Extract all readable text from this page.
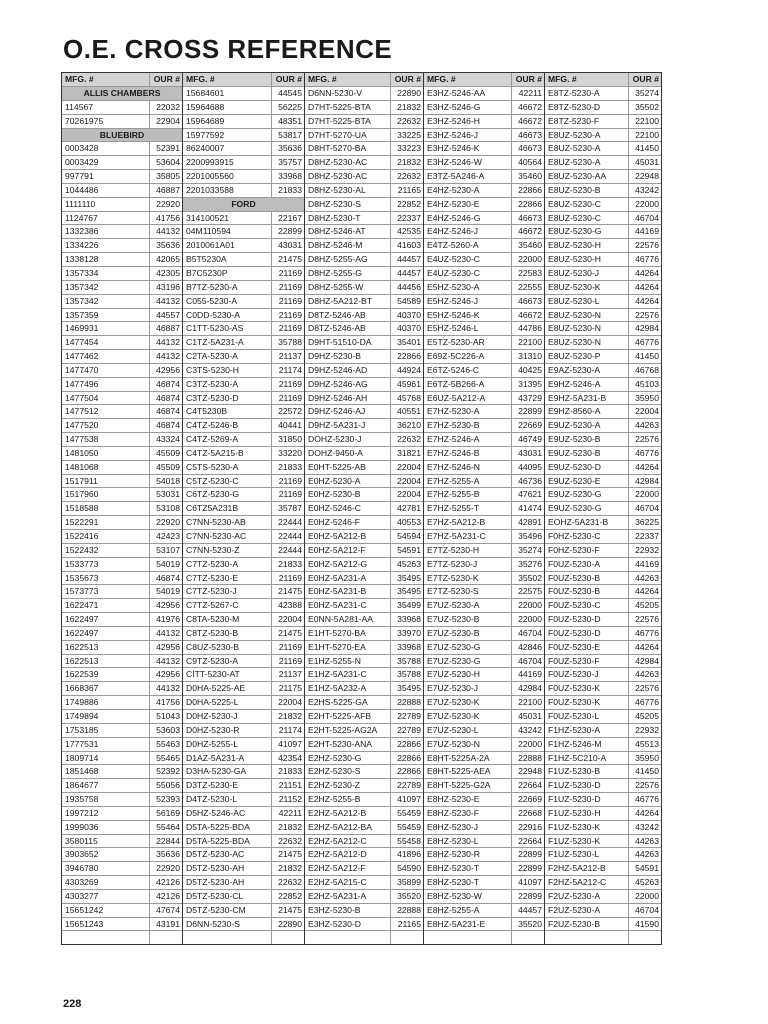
O.E. CROSS REFERENCE
MFG. #	OUR #
ALLIS CHAMBERS
114567	22032
70261975	22904
BLUEBIRD
0003428	52391
0003429	53604
997791	35805
1044486	46887
1111110	22920
1124767	41756
1332386	44132
1334226	35636
1338128	42065
1357334	42305
1357342	43196
1357342	44132
1357359	44557
1469931	46887
1477454	44132
1477462	44132
1477470	42956
1477496	46874
1477504	46874
1477512	46874
1477520	46874
1477538	43324
1481050	45509
1481068	45509
1517911	54018
1517960	53031
1518588	53108
1522291	22920
1522416	42423
1522432	53107
1533773	54019
1535673	46874
1573773	54019
1622471	42956
1622497	41976
1622497	44132
1622513	42956
1622513	44132
1622539	42956
1668367	44132
1749886	41756
1749894	51043
1753185	53603
1777531	55463
1809714	55465
1851468	52392
1864677	55056
1935758	52393
1997212	56169
1999036	55464
3580115	22844
3903652	35636
3946780	22920
4303269	42126
4303277	42126
15651242	47674
15651243	43191
MFG. #	OUR #
15684601	44545
15964688	56225
15964689	48351
15977592	53817
86240007	35636
2200993915	35757
2201005560	33968
2201033588	21833
FORD
314100521	22167
04M110594	22899
2010061A01	43031
B5T5230A	21475
B7C5230P	21169
B7TZ-5230-A	21169
C055-5230-A	21169
C0DD-5230-A	21169
C1TT-5230-AS	21169
C1TZ-5A231-A	35788
C2TA-5230-A	21137
C3TS-5230-H	21174
C3TZ-5230-A	21169
C3TZ-5230-D	21169
C4T5230B	22572
C4TZ-5246-B	40441
C4TZ-5269-A	31850
C4TZ-5A215-B	33220
C5TS-5230-A	21833
C5TZ-5230-C	21169
C6TZ-5230-G	21169
C6TZ5A231B	35787
C7NN-5230-AB	22444
C7NN-5230-AC	22444
C7NN-5230-Z	22444
C7TZ-5230-A	21833
C7TZ-5230-E	21169
C7TZ-5230-J	21475
C7TZ-5267-C	42388
C8TA-5230-M	22004
C8TZ-5230-B	21475
C8UZ-5230-B	21169
C9TZ-5230-A	21169
CITT-5230-AT	21137
D0HA-5225-AE	21175
D0HA-5225-L	22004
D0HZ-5230-J	21832
D0HZ-5230-R	21174
D0HZ-5255-L	41097
D1AZ-5A231-A	42354
D3HA-5230-GA	21833
D3TZ-5230-E	21151
D4TZ-5230-L	21152
D5HZ-5246-AC	42211
D5TA-5225-BDA	21832
D5TA-5225-BDA	22632
D5TZ-5230-AC	21475
D5TZ-5230-AH	21832
D5TZ-5230-AH	22632
D5TZ-5230-CL	22852
D5TZ-5230-CM	21475
D6NN-5230-S	22890
MFG. #	OUR #
D6NN-5230-V	22890
D7HT-5225-BTA	21832
D7HT-5225-BTA	22632
D7HT-5270-UA	33225
D8HT-5270-BA	33223
D8HZ-5230-AC	21832
D8HZ-5230-AC	22632
D8HZ-5230-AL	21165
D8HZ-5230-S	22852
D8HZ-5230-T	22337
D8HZ-5246-AT	42535
D8HZ-5246-M	41603
D8HZ-5255-AG	44457
D8HZ-5255-G	44457
D8HZ-5255-W	44456
D8HZ-5A212-BT	54589
D8TZ-5246-AB	40370
D8TZ-5246-AB	40370
D9HT-51510-DA	35401
D9HZ-5230-B	22866
D9HZ-5246-AD	44924
D9HZ-5246-AG	45961
D9HZ-5246-AH	45768
D9HZ-5246-AJ	40551
D9HZ-5A231-J	36210
DOHZ-5230-J	22632
DOHZ-9450-A	31821
E0HT-5225-AB	22004
E0HZ-5230-A	22004
E0HZ-5230-B	22004
E0HZ-5246-C	42781
E0HZ-5246-F	40553
E0HZ-5A212-B	54594
E0HZ-5A212-F	54591
E0HZ-5A212-G	45263
E0HZ-5A231-A	35495
E0HZ-5A231-B	35495
E0HZ-5A231-C	35499
E0NN-5A281-AA	33968
E1HT-5270-BA	33970
E1HT-5270-EA	33968
E1HZ-5255-N	35788
E1HZ-5A231-C	35788
E1HZ-5A232-A	35495
E2HS-5225-GA	22888
E2HT-5225-AFB	22789
E2HT-5225-AG2A	22789
E2HT-5230-ANA	22866
E2HZ-5230-G	22866
E2HZ-5230-S	22866
E2HZ-5230-Z	22789
E2HZ-5255-B	41097
E2HZ-5A212-B	55459
E2HZ-5A212-BA	55459
E2HZ-5A212-C	55458
E2HZ-5A212-D	41896
E2HZ-5A212-F	54590
E2HZ-5A215-C	35899
E2HZ-5A231-A	35520
E3HZ-5230-B	22888
E3HZ-5230-D	21165
MFG. #	OUR #
E3HZ-5246-AA	42211
E3HZ-5246-G	46672
E3HZ-5246-H	46672
E3HZ-5246-J	46673
E3HZ-5246-K	46673
E3HZ-5246-W	40564
E3TZ-5A246-A	35460
E4HZ-5230-A	22866
E4HZ-5230-E	22866
E4HZ-5246-G	46673
E4HZ-5246-J	46672
E4TZ-5260-A	35460
E4UZ-5230-C	22000
E4UZ-5230-C	22583
E5HZ-5230-A	22555
E5HZ-5246-J	46673
E5HZ-5246-K	46672
E5HZ-5246-L	44786
E5TZ-5230-AR	22100
E69Z-5C226-A	31310
E6TZ-5246-C	40425
E6TZ-5B266-A	31395
E6UZ-5A212-A	43729
E7HZ-5230-A	22899
E7HZ-5230-B	22669
E7HZ-5246-A	46749
E7HZ-5246-B	43031
E7HZ-5246-N	44095
E7HZ-5255-A	46736
E7HZ-5255-B	47621
E7HZ-5255-T	41474
E7HZ-5A212-B	42891
E7HZ-5A231-C	35496
E7TZ-5230-H	35274
E7TZ-5230-J	35276
E7TZ-5230-K	35502
E7TZ-5230-S	22575
E7UZ-5230-A	22000
E7UZ-5230-B	22000
E7UZ-5230-B	46704
E7UZ-5230-G	42846
E7UZ-5230-G	46704
E7UZ-5230-H	44169
E7UZ-5230-J	42984
E7UZ-5230-K	22100
E7UZ-5230-K	45031
E7UZ-5230-L	43242
E7UZ-5230-N	22000
E8HT-5225A-2A	22888
E8HT-5225-AEA	22948
E8HT-5225-G2A	22664
E8HZ-5230-E	22669
E8HZ-5230-F	22668
E8HZ-5230-J	22916
E8HZ-5230-L	22664
E8HZ-5230-R	22899
E8HZ-5230-T	22899
E8HZ-5230-T	41097
E8HZ-5230-W	22899
E8HZ-5255-A	44457
E8HZ-5A231-E	35520
MFG. #	OUR #
E8TZ-5230-A	35274
E8TZ-5230-D	35502
E8TZ-5230-F	22100
E8UZ-5230-A	22100
E8UZ-5230-A	41450
E8UZ-5230-A	45031
E8UZ-5230-AA	22948
E8UZ-5230-B	43242
E8UZ-5230-C	22000
E8UZ-5230-C	46704
E8UZ-5230-G	44169
E8UZ-5230-H	22576
E8UZ-5230-H	46776
E8UZ-5230-J	44264
E8UZ-5230-K	44264
E8UZ-5230-L	44264
E8UZ-5230-N	22576
E8UZ-5230-N	42984
E8UZ-5230-N	46776
E8UZ-5230-P	41450
E9AZ-5230-A	46768
E9HZ-5246-A	45103
E9HZ-5A231-B	35950
E9HZ-8560-A	22004
E9UZ-5230-A	44263
E9UZ-5230-B	22576
E9UZ-5230-B	46776
E9UZ-5230-D	44264
E9UZ-5230-E	42984
E9UZ-5230-G	22000
E9UZ-5230-G	46704
EOHZ-5A231-B	36225
F0HZ-5230-C	22337
F0HZ-5230-F	22932
F0UZ-5230-A	44169
F0UZ-5230-B	44263
F0UZ-5230-B	44264
F0UZ-5230-C	45205
F0UZ-5230-D	22576
F0UZ-5230-D	46776
F0UZ-5230-E	44264
F0UZ-5230-F	42984
F0UZ-5230-J	44263
F0UZ-5230-K	22576
F0UZ-5230-K	46776
F0UZ-5230-L	45205
F1HZ-5230-A	22932
F1HZ-5246-M	45513
F1HZ-5C210-A	35950
F1UZ-5230-B	41450
F1UZ-5230-D	22576
F1UZ-5230-D	46776
F1UZ-5230-H	44264
F1UZ-5230-K	43242
F1UZ-5230-K	44263
F1UZ-5230-L	44263
F2HZ-5A212-B	54591
F2HZ-5A212-C	45263
F2UZ-5230-A	22000
F2UZ-5230-A	46704
F2UZ-5230-B	41590
228
